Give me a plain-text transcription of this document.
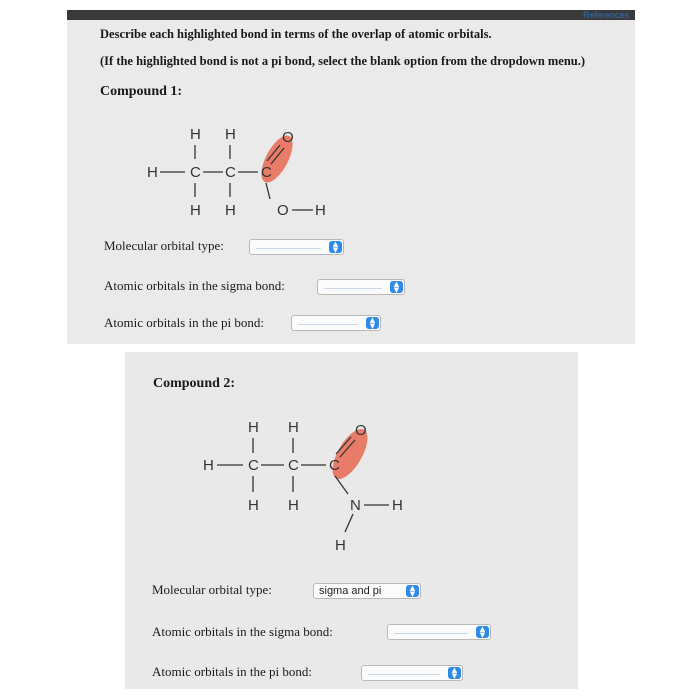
References
Describe each highlighted bond in terms of the overlap of atomic orbitals.
(If the highlighted bond is not a pi bond, select the blank option from the dropdown menu.)
Compound 1:
H H
H C C C
O
H H	O H
Molecular orbital type:	▲
▼
Atomic orbitals in the sigma bond:	▲
▼
Atomic orbitals in the pi bond:	▲
▼
Compound 2:
H H
H C C C
O
H H	N H
H
Molecular orbital type:	sigma and pi	▲
▼
Atomic orbitals in the sigma bond:	▲
▼
Atomic orbitals in the pi bond:	▲
▼
